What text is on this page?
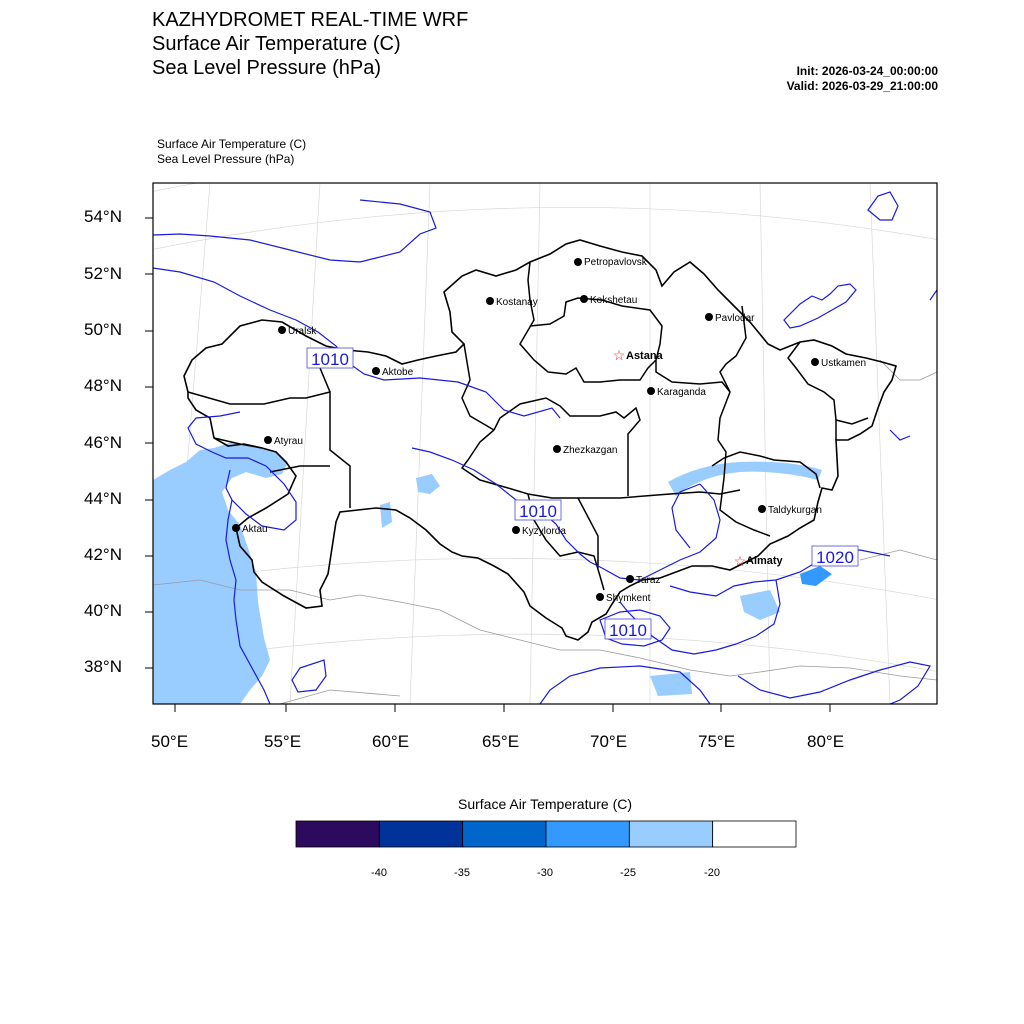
KAZHYDROMET REAL-TIME WRF
Surface Air Temperature (C)
Sea Level Pressure (hPa)	Init: 2026-03-24_00:00:00
Valid: 2026-03-29_21:00:00
Surface Air Temperature (C)
Sea Level Pressure (hPa)
54°N
52°N
50°N
48°N
46°N
44°N
42°N
40°N
38°N
50°E	55°E	60°E	65°E	70°E	75°E	80°E
1010
1010
1010
1020
Petropavlovsk
Kostanay	Kokshetau
Pavlodar
Uralsk
☆ Astana
Aktobe
Ustkamen
Karaganda
Atyrau
Zhezkazgan
Taldykurgan
Kyzylorda
Aktau
☆ Almaty
Taraz
Shymkent
Surface Air Temperature (C)
-40	-35	-30	-25	-20
